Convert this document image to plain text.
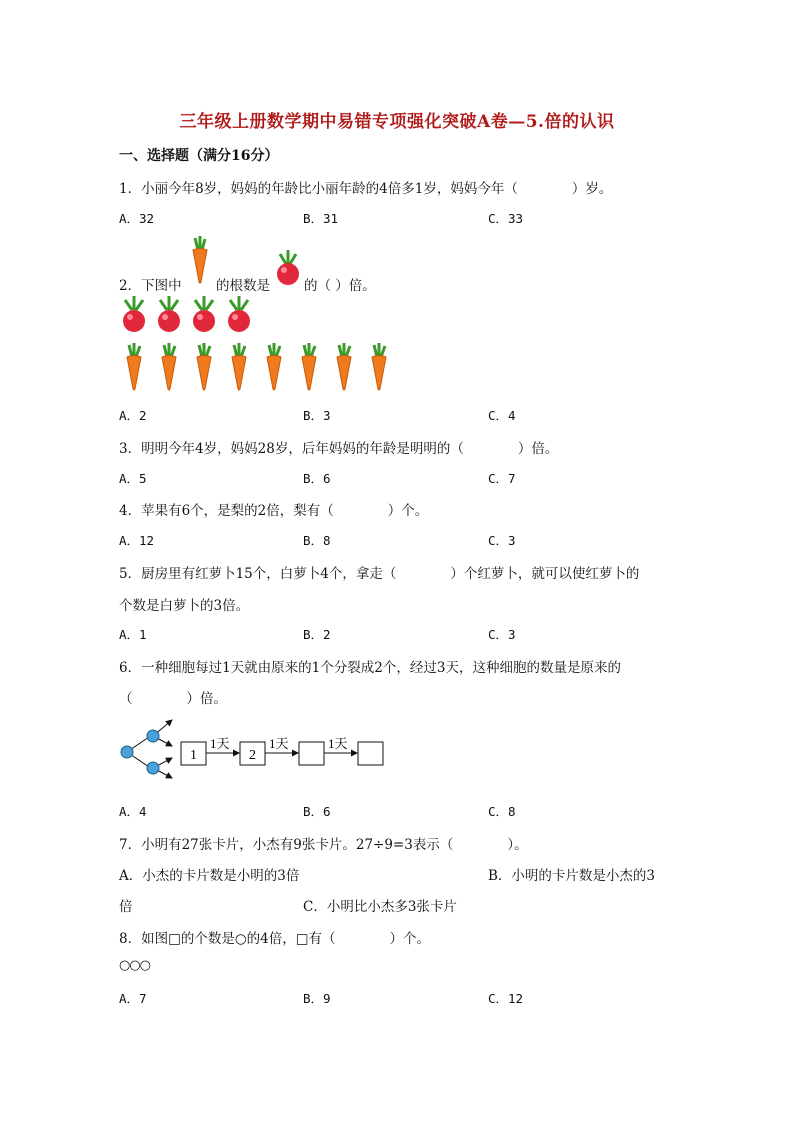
三年级上册数学期中易错专项强化突破A卷—5.倍的认识
一、选择题（满分16分）
1．小丽今年8岁，妈妈的年龄比小丽年龄的4倍多1岁，妈妈今年（　　　　）岁。
A．32	B．31	C．33
2．下图中	的根数是	的（ ）倍。
A．2	B．3	C．4
3．明明今年4岁，妈妈28岁，后年妈妈的年龄是明明的（　　　　）倍。
A．5	B．6	C．7
4．苹果有6个，是梨的2倍，梨有（　　　　）个。
A．12	B．8	C．3
5．厨房里有红萝卜15个，白萝卜4个，拿走（　　　　）个红萝卜，就可以使红萝卜的
个数是白萝卜的3倍。
A．1	B．2	C．3
6．一种细胞每过1天就由原来的1个分裂成2个，经过3天，这种细胞的数量是原来的
（　　　　）倍。
1
1天
2
1天	1天
A．4	B．6	C．8
7．小明有27张卡片，小杰有9张卡片。27÷9=3表示（　　　　）。
A．小杰的卡片数是小明的3倍	B．小明的卡片数是小杰的3
倍	C．小明比小杰多3张卡片
8．如图□的个数是○的4倍，□有（　　　　）个。
○○○
A．7	B．9	C．12
